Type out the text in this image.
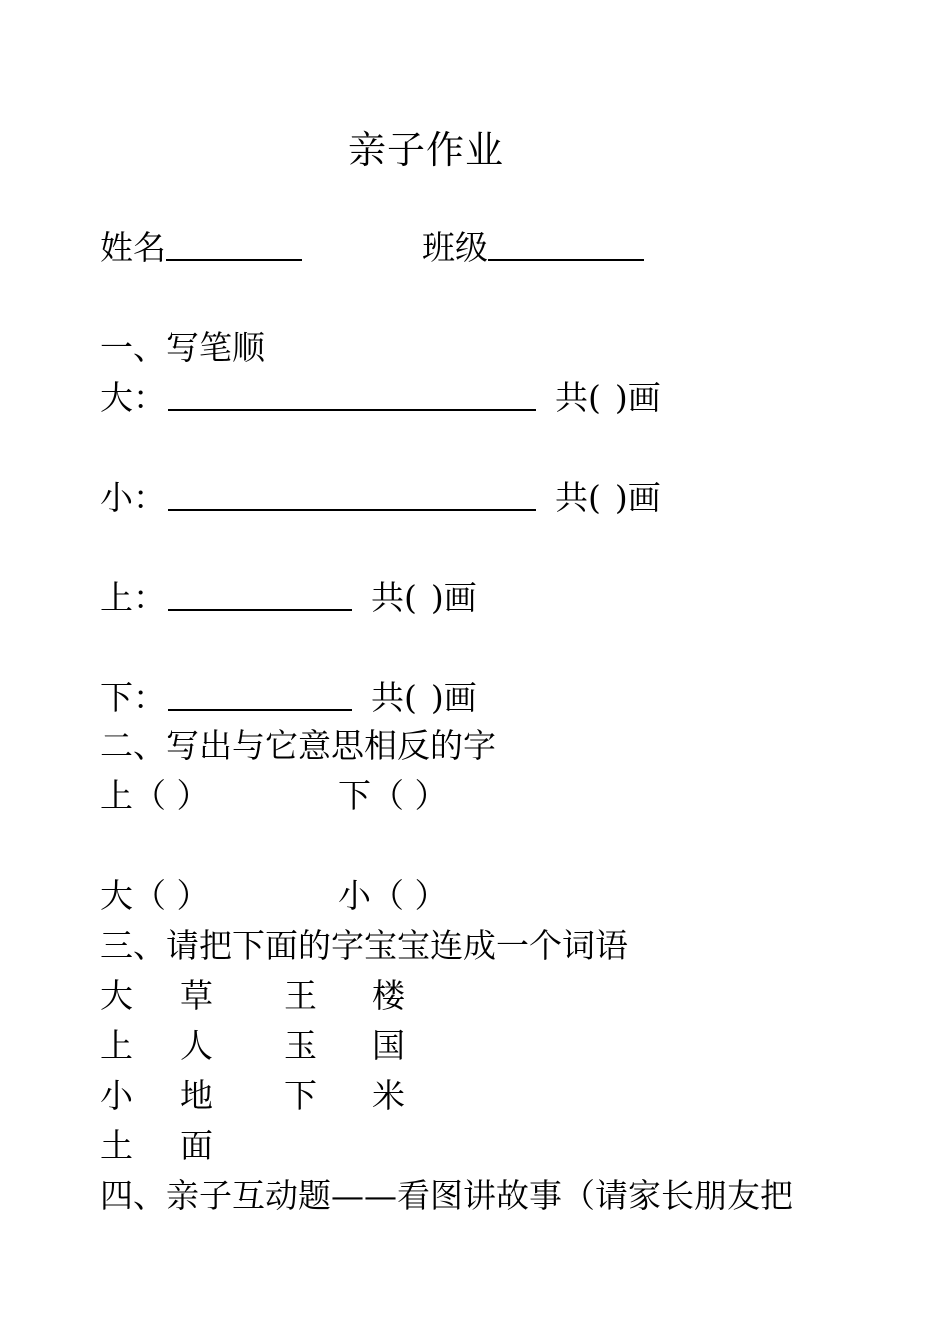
亲子作业
姓名	班级
一、写笔顺
大：	共( )画
小：	共( )画
上：	共( )画
下：	共( )画
二、写出与它意思相反的字
上（ ）	下（ ）
大（ ）	小（ ）
三、请把下面的字宝宝连成一个词语
大 草 王 楼
上 人 玉 国
小 地 下 米
土 面
四、亲子互动题——看图讲故事（请家长朋友把
